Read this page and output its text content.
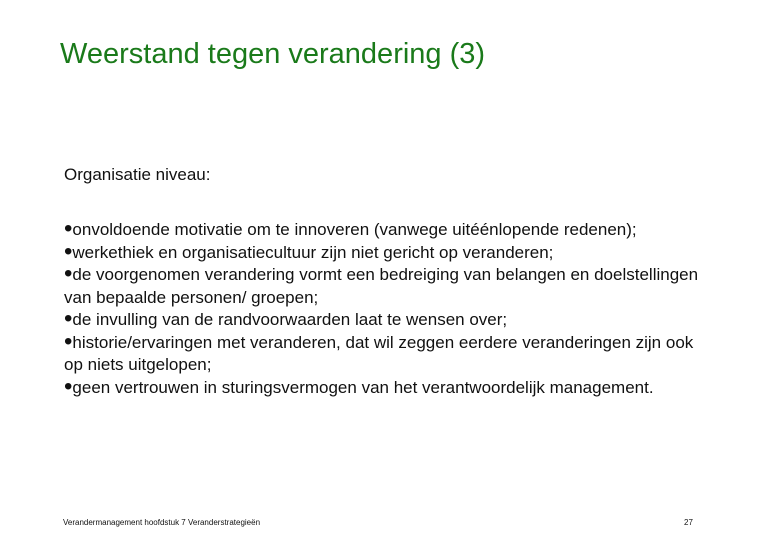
Weerstand tegen verandering (3)
Organisatie niveau:
•onvoldoende motivatie om te innoveren (vanwege uitéénlopende redenen);
•werkethiek en organisatiecultuur zijn niet gericht op veranderen;
•de voorgenomen verandering vormt een bedreiging van belangen en doelstellingen van bepaalde personen/ groepen;
•de invulling van de randvoorwaarden laat te wensen over;
•historie/ervaringen met veranderen, dat wil zeggen eerdere veranderingen zijn ook op niets uitgelopen;
•geen vertrouwen in sturingsvermogen van het verantwoordelijk management.
Verandermanagement hoofdstuk 7 Veranderstrategieën	27
